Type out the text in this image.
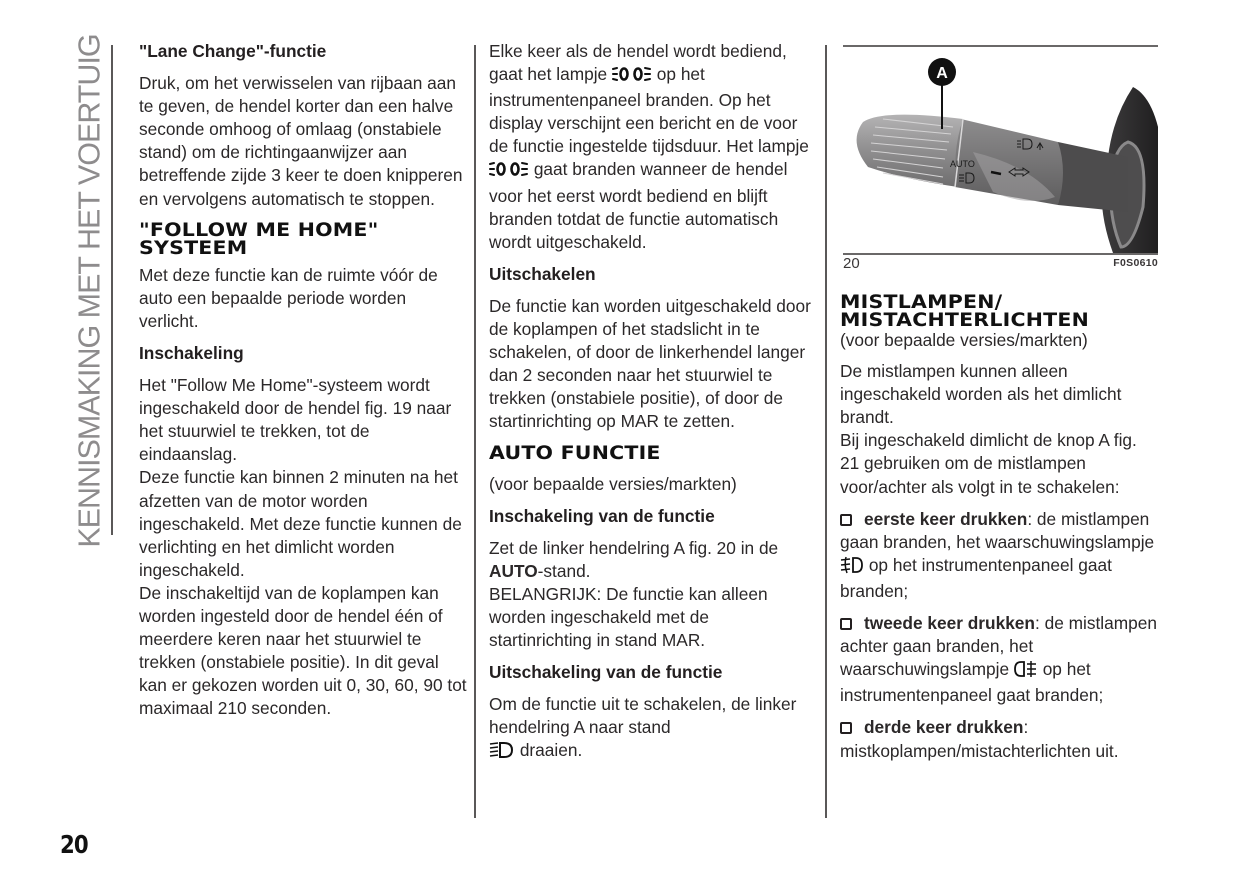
KENNISMAKING MET HET VOERTUIG "Lane Change"-functie

Druk, om het verwisselen van rijbaan aan te geven, de hendel korter dan een halve seconde omhoog of omlaag (onstabiele stand) om de richtingaanwijzer aan betreffende zijde 3 keer te doen knipperen en vervolgens automatisch te stoppen.

"FOLLOW ME HOME"
SYSTEEM

Met deze functie kan de ruimte vóór de auto een bepaalde periode worden verlicht.

Inschakeling

Het "Follow Me Home"-systeem wordt ingeschakeld door de hendel fig. 19 naar het stuurwiel te trekken, tot de eindaanslag.

Deze functie kan binnen 2 minuten na het afzetten van de motor worden ingeschakeld. Met deze functie kunnen de verlichting en het dimlicht worden ingeschakeld.

De inschakeltijd van de koplampen kan worden ingesteld door de hendel één of meerdere keren naar het stuurwiel te trekken (onstabiele positie). In dit geval kan er gekozen worden uit 0, 30, 60, 90 tot maximaal 210 seconden.

Elke keer als de hendel wordt bediend, gaat het lampje	op het instrumentenpaneel branden. Op het display verschijnt een bericht en de voor de functie ingestelde tijdsduur. Het lampje  gaat branden wanneer de hendel voor het eerst wordt bediend en blijft branden totdat de functie automatisch wordt uitgeschakeld.

Uitschakelen

De functie kan worden uitgeschakeld door de koplampen of het stadslicht in te schakelen, of door de linkerhendel langer dan 2 seconden naar het stuurwiel te trekken (onstabiele positie), of door de startinrichting op MAR te zetten.

AUTO FUNCTIE

(voor bepaalde versies/markten)

Inschakeling van de functie

Zet de linker hendelring A fig. 20 in de AUTO-stand.

BELANGRIJK: De functie kan alleen worden ingeschakeld met de startinrichting in stand MAR.

Uitschakeling van de functie

Om de functie uit te schakelen, de linker hendelring A naar stand
draaien.

AUTO
A
20	F0S0610
MISTLAMPEN/
MISTACHTERLICHTEN

(voor bepaalde versies/markten)

De mistlampen kunnen alleen ingeschakeld worden als het dimlicht brandt.

Bij ingeschakeld dimlicht de knop A fig. 21 gebruiken om de mistlampen voor/achter als volgt in te schakelen:

eerste keer drukken: de mistlampen gaan branden, het waarschuwingslampje  op het instrumentenpaneel gaat branden;

tweede keer drukken: de mistlampen achter gaan branden, het waarschuwingslampje op het instrumentenpaneel gaat branden;

derde keer drukken:
mistkoplampen/mistachterlichten uit.

20
